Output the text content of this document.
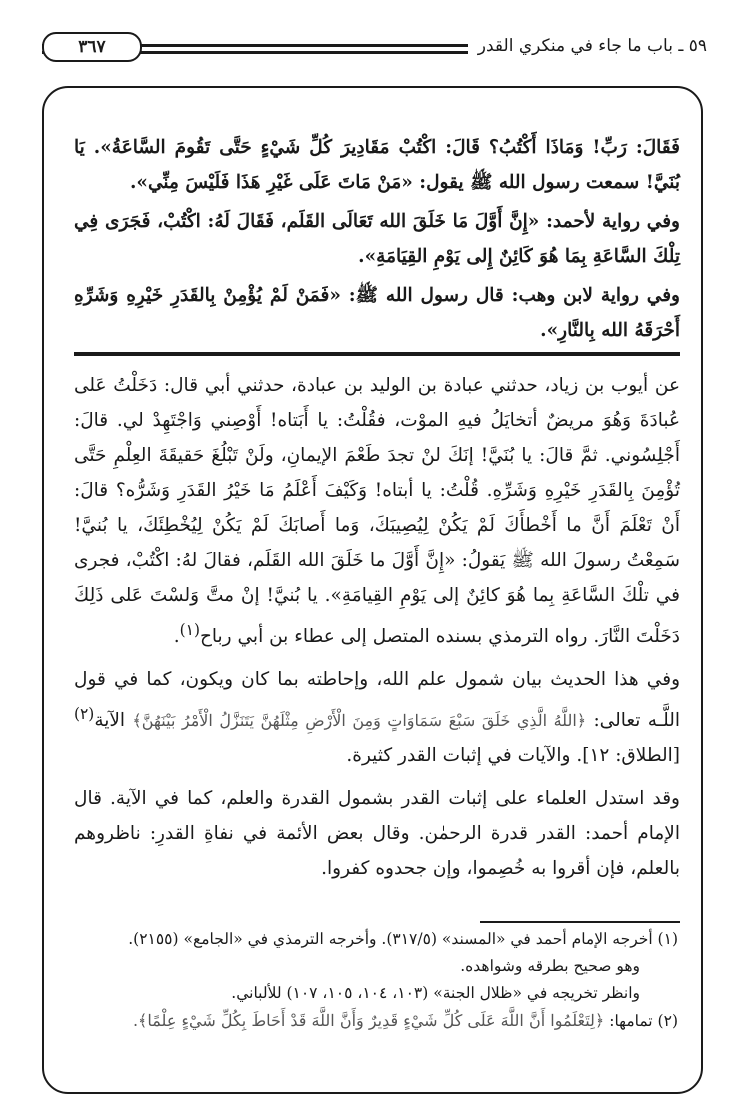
٥٩ ـ باب ما جاء في منكري القدر
٣٦٧

فَقَالَ: رَبِّ! وَمَاذَا أَكْتُبُ؟ قَالَ: اكْتُبْ مَقَادِيرَ كُلِّ شَيْءٍ حَتَّى تَقُومَ السَّاعَةُ». يَا بُنَيَّ! سمعت رسول الله ﷺ يقول: «مَنْ مَاتَ عَلَى غَيْرِ هَذَا فَلَيْسَ مِنِّي».

وفي رواية لأحمد: «إِنَّ أَوَّلَ مَا خَلَقَ الله تَعَالَى القَلَم، فَقَالَ لَهُ: اكْتُبْ، فَجَرَى فِي تِلْكَ السَّاعَةِ بِمَا هُوَ كَائِنٌ إِلى يَوْمِ القِيَامَةِ».

وفي رواية لابن وهب: قال رسول الله ﷺ: «فَمَنْ لَمْ يُؤْمِنْ بِالقَدَرِ خَيْرِهِ وَشَرِّهِ أَحْرَقَهُ الله بِالنَّارِ».

عن أيوب بن زياد، حدثني عبادة بن الوليد بن عبادة، حدثني أبي قال: دَخَلْتُ عَلى عُبادَةَ وَهُوَ مريضٌ أتخايَلُ فيهِ الموْت، فقُلْتُ: يا أَبَتاه! أَوْصِني وَاجْتَهِدْ لي. قالَ: أَجْلِسُوني. ثمَّ قالَ: يا بُنَيَّ! إنَكَ لنْ تجدَ طَعْمَ الإيمانِ، ولَنْ تَبْلُغَ حَقيقَةَ العِلْمِ حَتَّى تُؤْمِنَ بِالقَدَرِ خَيْرِهِ وَشَرِّهِ. قُلْتُ: يا أبتاه! وَكَيْفَ أَعْلَمُ مَا خَيْرُ القَدَرِ وَشَرُّه؟ قالَ: أَنْ تَعْلَمَ أَنَّ ما أَخْطأَكَ لَمْ يَكُنْ لِيُصِيبَكَ، وَما أَصابَكَ لَمْ يَكُنْ لِيُخْطِئَكَ، يا بُنيَّ! سَمِعْتُ رسولَ الله ﷺ يَقولُ: «إِنَّ أَوَّلَ ما خَلَقَ الله القَلَم، فقالَ لهُ: اكْتُبْ، فجرى في تلْكَ السَّاعَةِ بِما هُوَ كائِنٌ إلى يَوْمِ القِيامَةِ». يا بُنيَّ! إنْ متَّ وَلسْتَ عَلى ذَلِكَ دَخَلْتَ النَّارَ. رواه الترمذي بسنده المتصل إلى عطاء بن أبي رباح$^{(١)}$.

وفي هذا الحديث بيان شمول علم الله، وإحاطته بما كان ويكون، كما في قول اللَّـه تعالى: ﴿اللَّهُ الَّذِي خَلَقَ سَبْعَ سَمَاوَاتٍ وَمِنَ الْأَرْضِ مِثْلَهُنَّ يَتَنَزَّلُ الْأَمْرُ بَيْنَهُنَّ﴾ الآية$^{(٢)}$ [الطلاق: ١٢]. والآيات في إثبات القدر كثيرة.

وقد استدل العلماء على إثبات القدر بشمول القدرة والعلم، كما في الآية. قال الإمام أحمد: القدر قدرة الرحمٰن. وقال بعض الأئمة في نفاةِ القدرِ: ناظروهم بالعلم، فإن أقروا به خُصِموا، وإن جحدوه كفروا.

(١) أخرجه الإمام أحمد في «المسند» (٣١٧/٥). وأخرجه الترمذي في «الجامع» (٢١٥٥).

وهو صحيح بطرقه وشواهده.

وانظر تخريجه في «ظلال الجنة» (١٠٣، ١٠٤، ١٠٥، ١٠٧) للألباني.

(٢) تمامها: ﴿لِتَعْلَمُوا أَنَّ اللَّهَ عَلَى كُلِّ شَيْءٍ قَدِيرٌ وَأَنَّ اللَّهَ قَدْ أَحَاطَ بِكُلِّ شَيْءٍ عِلْمًا﴾.
